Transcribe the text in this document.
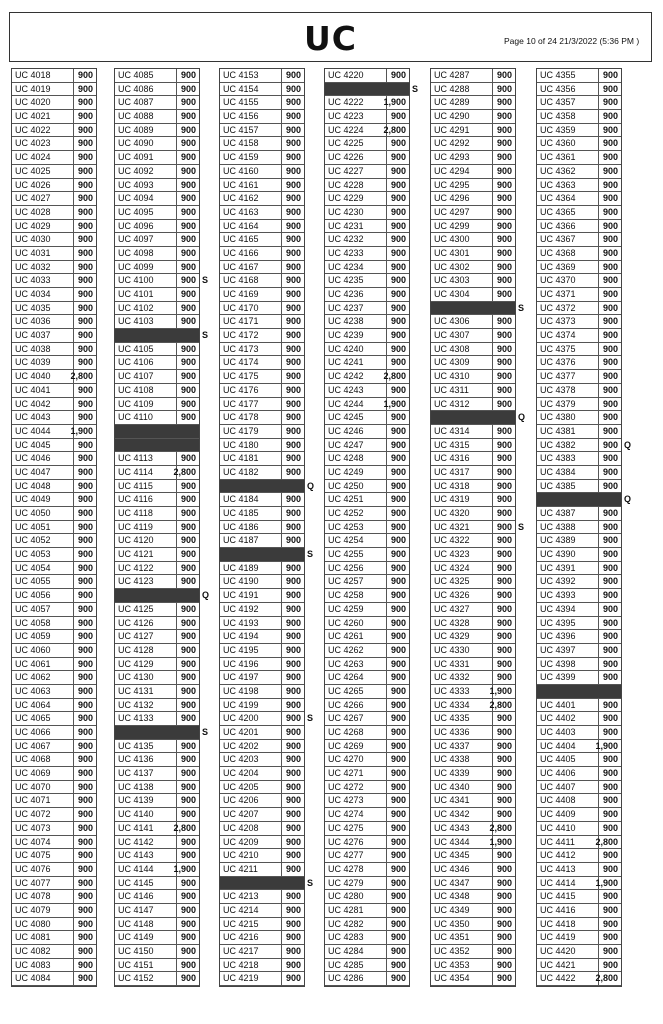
UC	Page 10 of 24 21/3/2022 (5:36 PM )
UC 4018	900
UC 4019	900
UC 4020	900
UC 4021	900
UC 4022	900
UC 4023	900
UC 4024	900
UC 4025	900
UC 4026	900
UC 4027	900
UC 4028	900
UC 4029	900
UC 4030	900
UC 4031	900
UC 4032	900
UC 4033	900
UC 4034	900
UC 4035	900
UC 4036	900
UC 4037	900
UC 4038	900
UC 4039	900
UC 4040 2,800
UC 4041	900
UC 4042	900
UC 4043	900
UC 4044 1,900
UC 4045	900
UC 4046	900
UC 4047	900
UC 4048	900
UC 4049	900
UC 4050	900
UC 4051	900
UC 4052	900
UC 4053	900
UC 4054	900
UC 4055	900
UC 4056	900
UC 4057	900
UC 4058	900
UC 4059	900
UC 4060	900
UC 4061	900
UC 4062	900
UC 4063	900
UC 4064	900
UC 4065	900
UC 4066	900
UC 4067	900
UC 4068	900
UC 4069	900
UC 4070	900
UC 4071	900
UC 4072	900
UC 4073	900
UC 4074	900
UC 4075	900
UC 4076	900
UC 4077	900
UC 4078	900
UC 4079	900
UC 4080	900
UC 4081	900
UC 4082	900
UC 4083	900
UC 4084	900
UC 4085	900
UC 4086	900
UC 4087	900
UC 4088	900
UC 4089	900
UC 4090	900
UC 4091	900
UC 4092	900
UC 4093	900
UC 4094	900
UC 4095	900
UC 4096	900
UC 4097	900
UC 4098	900
UC 4099	900
UC 4100	900 S
UC 4101	900
UC 4102	900
UC 4103	900
S
UC 4105	900
UC 4106	900
UC 4107	900
UC 4108	900
UC 4109	900
UC 4110	900
UC 4113	900
UC 4114 2,800
UC 4115	900
UC 4116	900
UC 4118	900
UC 4119	900
UC 4120	900
UC 4121	900
UC 4122	900
UC 4123	900
Q
UC 4125	900
UC 4126	900
UC 4127	900
UC 4128	900
UC 4129	900
UC 4130	900
UC 4131	900
UC 4132	900
UC 4133	900
S
UC 4135	900
UC 4136	900
UC 4137	900
UC 4138	900
UC 4139	900
UC 4140	900
UC 4141 2,800
UC 4142	900
UC 4143	900
UC 4144 1,900
UC 4145	900
UC 4146	900
UC 4147	900
UC 4148	900
UC 4149	900
UC 4150	900
UC 4151	900
UC 4152	900
UC 4153	900
UC 4154	900
UC 4155	900
UC 4156	900
UC 4157	900
UC 4158	900
UC 4159	900
UC 4160	900
UC 4161	900
UC 4162	900
UC 4163	900
UC 4164	900
UC 4165	900
UC 4166	900
UC 4167	900
UC 4168	900
UC 4169	900
UC 4170	900
UC 4171	900
UC 4172	900
UC 4173	900
UC 4174	900
UC 4175	900
UC 4176	900
UC 4177	900
UC 4178	900
UC 4179	900
UC 4180	900
UC 4181	900
UC 4182	900
Q
UC 4184	900
UC 4185	900
UC 4186	900
UC 4187	900
S
UC 4189	900
UC 4190	900
UC 4191	900
UC 4192	900
UC 4193	900
UC 4194	900
UC 4195	900
UC 4196	900
UC 4197	900
UC 4198	900
UC 4199	900
UC 4200	900 S
UC 4201	900
UC 4202	900
UC 4203	900
UC 4204	900
UC 4205	900
UC 4206	900
UC 4207	900
UC 4208	900
UC 4209	900
UC 4210	900
UC 4211	900
S
UC 4213	900
UC 4214	900
UC 4215	900
UC 4216	900
UC 4217	900
UC 4218	900
UC 4219	900
UC 4220	900
S
UC 4222 1,900
UC 4223	900
UC 4224 2,800
UC 4225	900
UC 4226	900
UC 4227	900
UC 4228	900
UC 4229	900
UC 4230	900
UC 4231	900
UC 4232	900
UC 4233	900
UC 4234	900
UC 4235	900
UC 4236	900
UC 4237	900
UC 4238	900
UC 4239	900
UC 4240	900
UC 4241	900
UC 4242 2,800
UC 4243	900
UC 4244 1,900
UC 4245	900
UC 4246	900
UC 4247	900
UC 4248	900
UC 4249	900
UC 4250	900
UC 4251	900
UC 4252	900
UC 4253	900
UC 4254	900
UC 4255	900
UC 4256	900
UC 4257	900
UC 4258	900
UC 4259	900
UC 4260	900
UC 4261	900
UC 4262	900
UC 4263	900
UC 4264	900
UC 4265	900
UC 4266	900
UC 4267	900
UC 4268	900
UC 4269	900
UC 4270	900
UC 4271	900
UC 4272	900
UC 4273	900
UC 4274	900
UC 4275	900
UC 4276	900
UC 4277	900
UC 4278	900
UC 4279	900
UC 4280	900
UC 4281	900
UC 4282	900
UC 4283	900
UC 4284	900
UC 4285	900
UC 4286	900
UC 4287	900
UC 4288	900
UC 4289	900
UC 4290	900
UC 4291	900
UC 4292	900
UC 4293	900
UC 4294	900
UC 4295	900
UC 4296	900
UC 4297	900
UC 4299	900
UC 4300	900
UC 4301	900
UC 4302	900
UC 4303	900
UC 4304	900
S
UC 4306	900
UC 4307	900
UC 4308	900
UC 4309	900
UC 4310	900
UC 4311	900
UC 4312	900
Q
UC 4314	900
UC 4315	900
UC 4316	900
UC 4317	900
UC 4318	900
UC 4319	900
UC 4320	900
UC 4321	900 S
UC 4322	900
UC 4323	900
UC 4324	900
UC 4325	900
UC 4326	900
UC 4327	900
UC 4328	900
UC 4329	900
UC 4330	900
UC 4331	900
UC 4332	900
UC 4333 1,900
UC 4334 2,800
UC 4335	900
UC 4336	900
UC 4337	900
UC 4338	900
UC 4339	900
UC 4340	900
UC 4341	900
UC 4342	900
UC 4343 2,800
UC 4344 1,900
UC 4345	900
UC 4346	900
UC 4347	900
UC 4348	900
UC 4349	900
UC 4350	900
UC 4351	900
UC 4352	900
UC 4353	900
UC 4354	900
UC 4355	900
UC 4356	900
UC 4357	900
UC 4358	900
UC 4359	900
UC 4360	900
UC 4361	900
UC 4362	900
UC 4363	900
UC 4364	900
UC 4365	900
UC 4366	900
UC 4367	900
UC 4368	900
UC 4369	900
UC 4370	900
UC 4371	900
UC 4372	900
UC 4373	900
UC 4374	900
UC 4375	900
UC 4376	900
UC 4377	900
UC 4378	900
UC 4379	900
UC 4380	900
UC 4381	900
UC 4382	900 Q
UC 4383	900
UC 4384	900
UC 4385	900
Q
UC 4387	900
UC 4388	900
UC 4389	900
UC 4390	900
UC 4391	900
UC 4392	900
UC 4393	900
UC 4394	900
UC 4395	900
UC 4396	900
UC 4397	900
UC 4398	900
UC 4399	900
UC 4401	900
UC 4402	900
UC 4403	900
UC 4404 1,900
UC 4405	900
UC 4406	900
UC 4407	900
UC 4408	900
UC 4409	900
UC 4410	900
UC 4411 2,800
UC 4412	900
UC 4413	900
UC 4414 1,900
UC 4415	900
UC 4416	900
UC 4418	900
UC 4419	900
UC 4420	900
UC 4421	900
UC 4422 2,800
